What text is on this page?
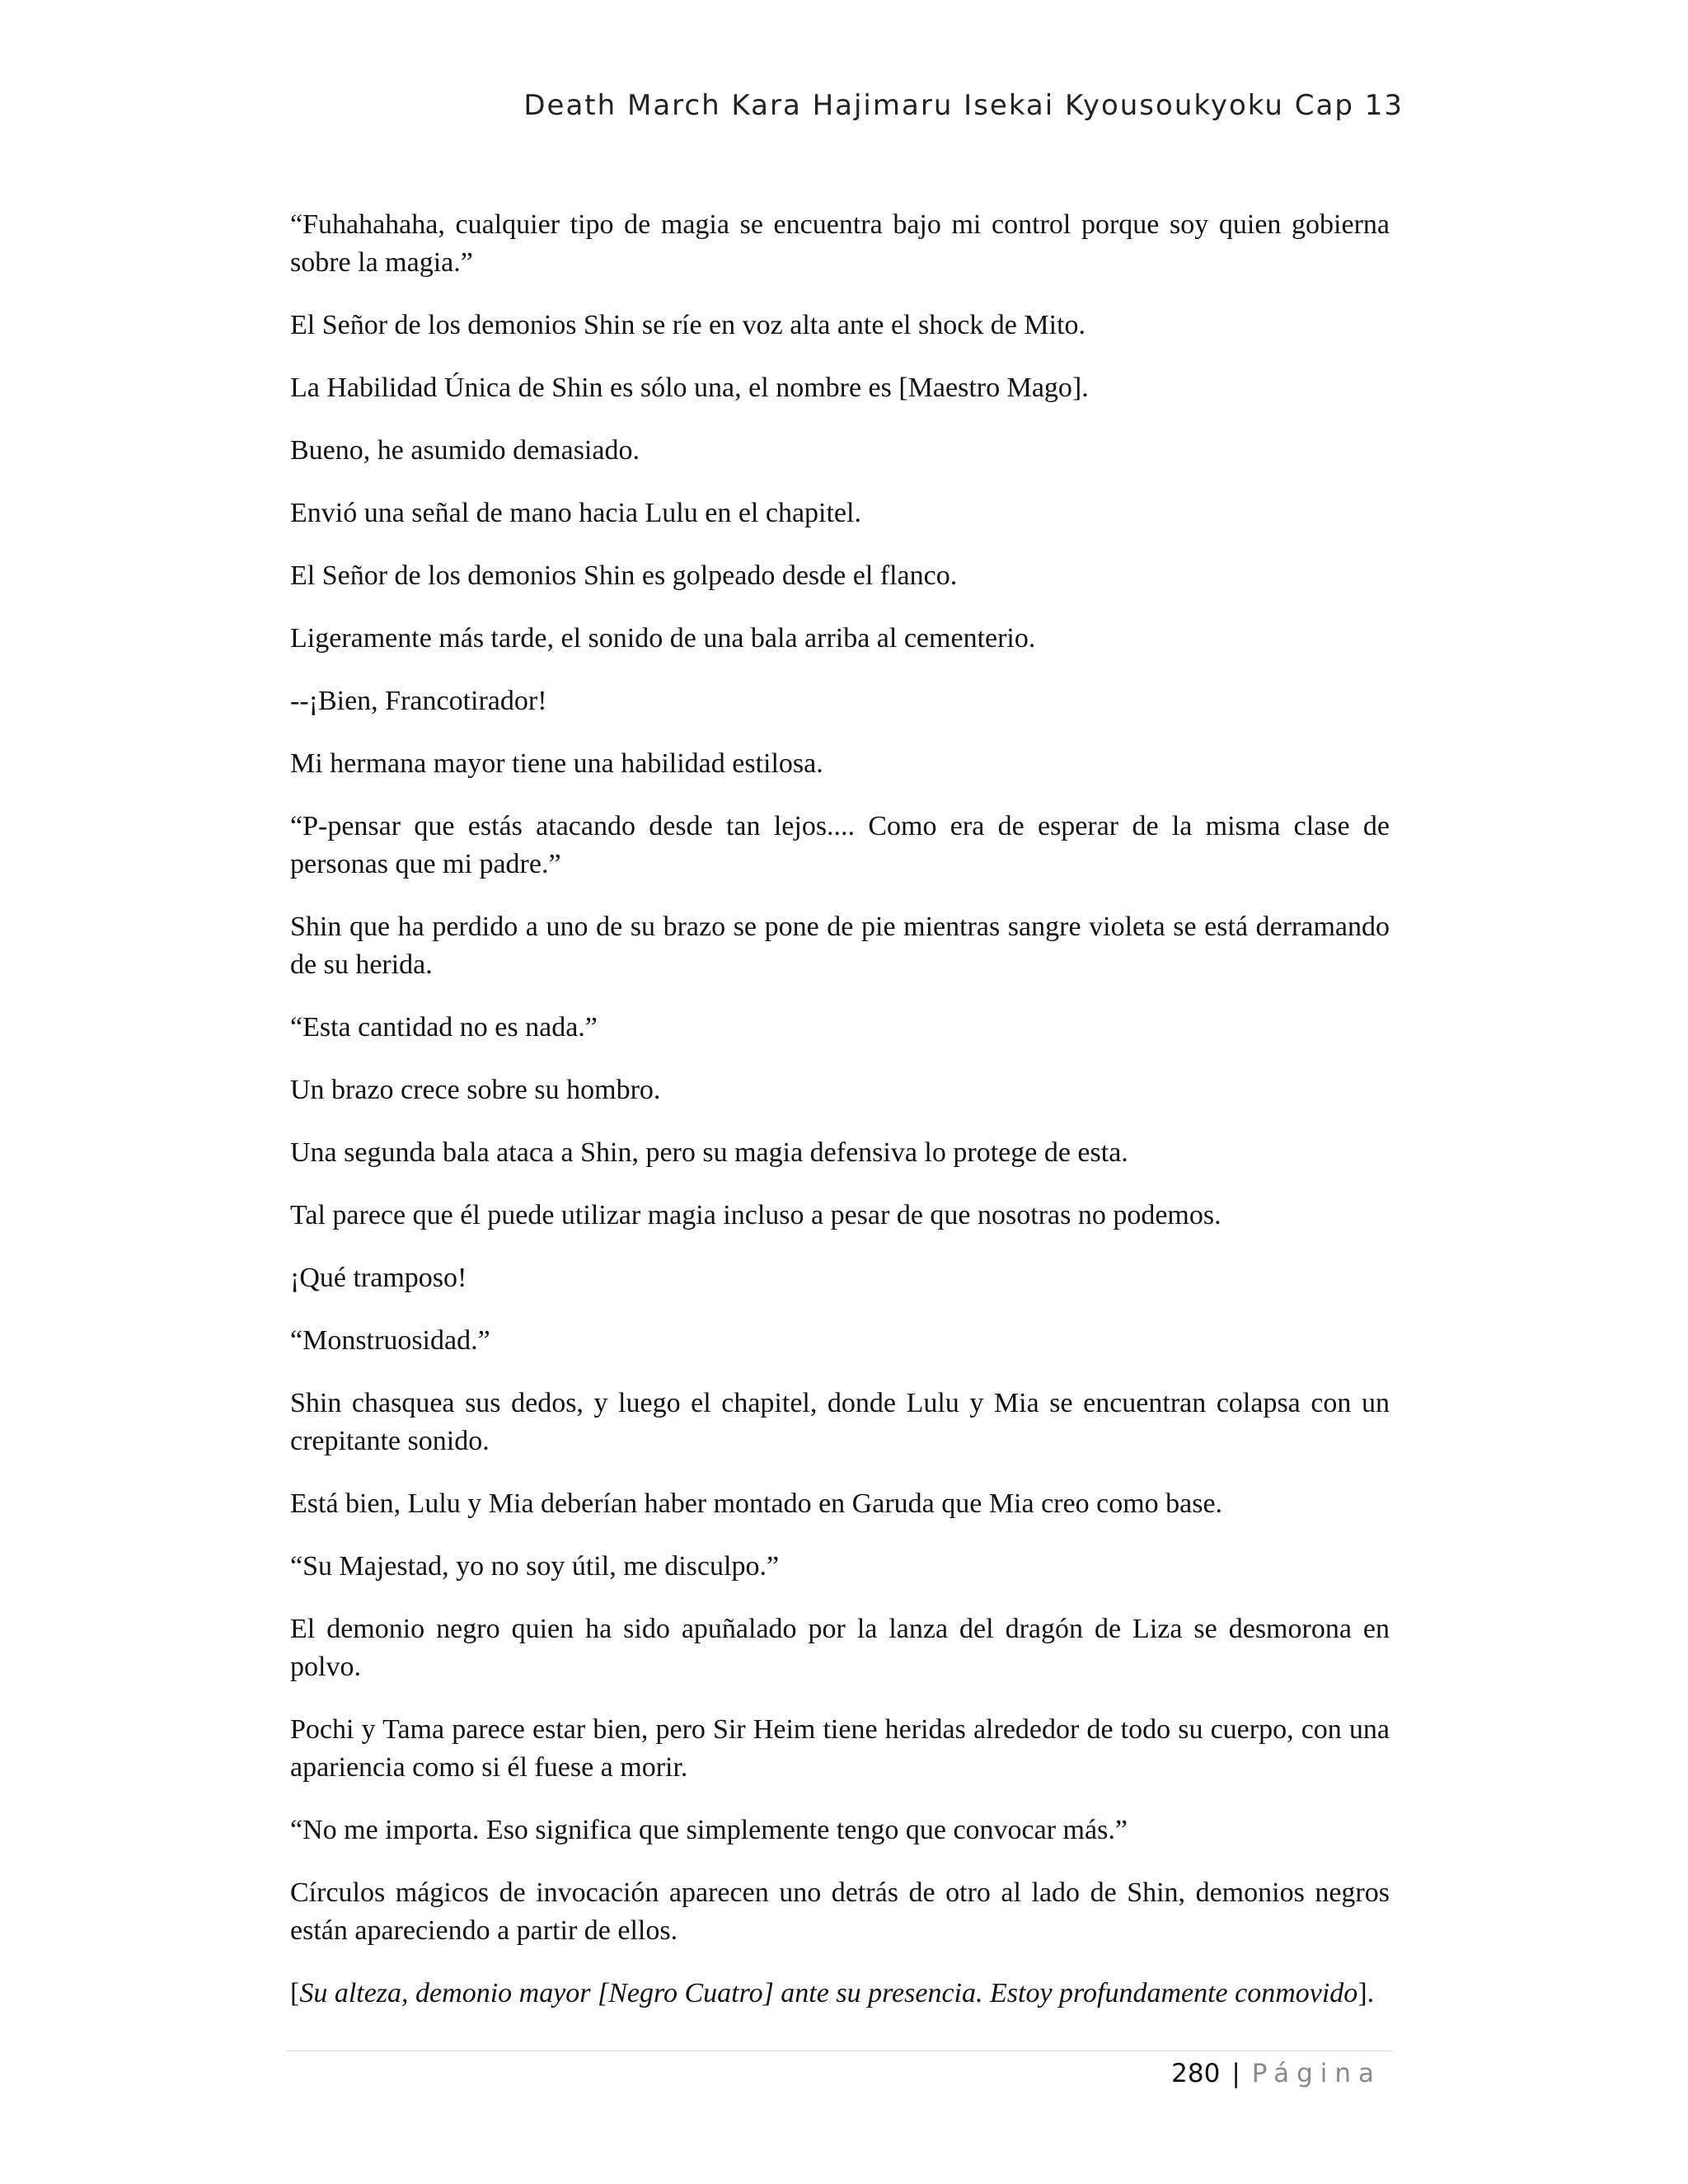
Death March Kara Hajimaru Isekai Kyousoukyoku Cap 13

“Fuhahahaha, cualquier tipo de magia se encuentra bajo mi control porque soy quien gobierna sobre la magia.”

El Señor de los demonios Shin se ríe en voz alta ante el shock de Mito.

La Habilidad Única de Shin es sólo una, el nombre es [Maestro Mago].

Bueno, he asumido demasiado.

Envió una señal de mano hacia Lulu en el chapitel.

El Señor de los demonios Shin es golpeado desde el flanco.

Ligeramente más tarde, el sonido de una bala arriba al cementerio.

--¡Bien, Francotirador!

Mi hermana mayor tiene una habilidad estilosa.

“P-pensar que estás atacando desde tan lejos.... Como era de esperar de la misma clase de personas que mi padre.”

Shin que ha perdido a uno de su brazo se pone de pie mientras sangre violeta se está derramando de su herida.

“Esta cantidad no es nada.”

Un brazo crece sobre su hombro.

Una segunda bala ataca a Shin, pero su magia defensiva lo protege de esta.

Tal parece que él puede utilizar magia incluso a pesar de que nosotras no podemos.

¡Qué tramposo!

“Monstruosidad.”

Shin chasquea sus dedos, y luego el chapitel, donde Lulu y Mia se encuentran colapsa con un crepitante sonido.

Está bien, Lulu y Mia deberían haber montado en Garuda que Mia creo como base.

“Su Majestad, yo no soy útil, me disculpo.”

El demonio negro quien ha sido apuñalado por la lanza del dragón de Liza se desmorona en polvo.

Pochi y Tama parece estar bien, pero Sir Heim tiene heridas alrededor de todo su cuerpo, con una apariencia como si él fuese a morir.

“No me importa. Eso significa que simplemente tengo que convocar más.”

Círculos mágicos de invocación aparecen uno detrás de otro al lado de Shin, demonios negros están apareciendo a partir de ellos.

[Su alteza, demonio mayor [Negro Cuatro] ante su presencia. Estoy profundamente conmovido].

280 | Página
